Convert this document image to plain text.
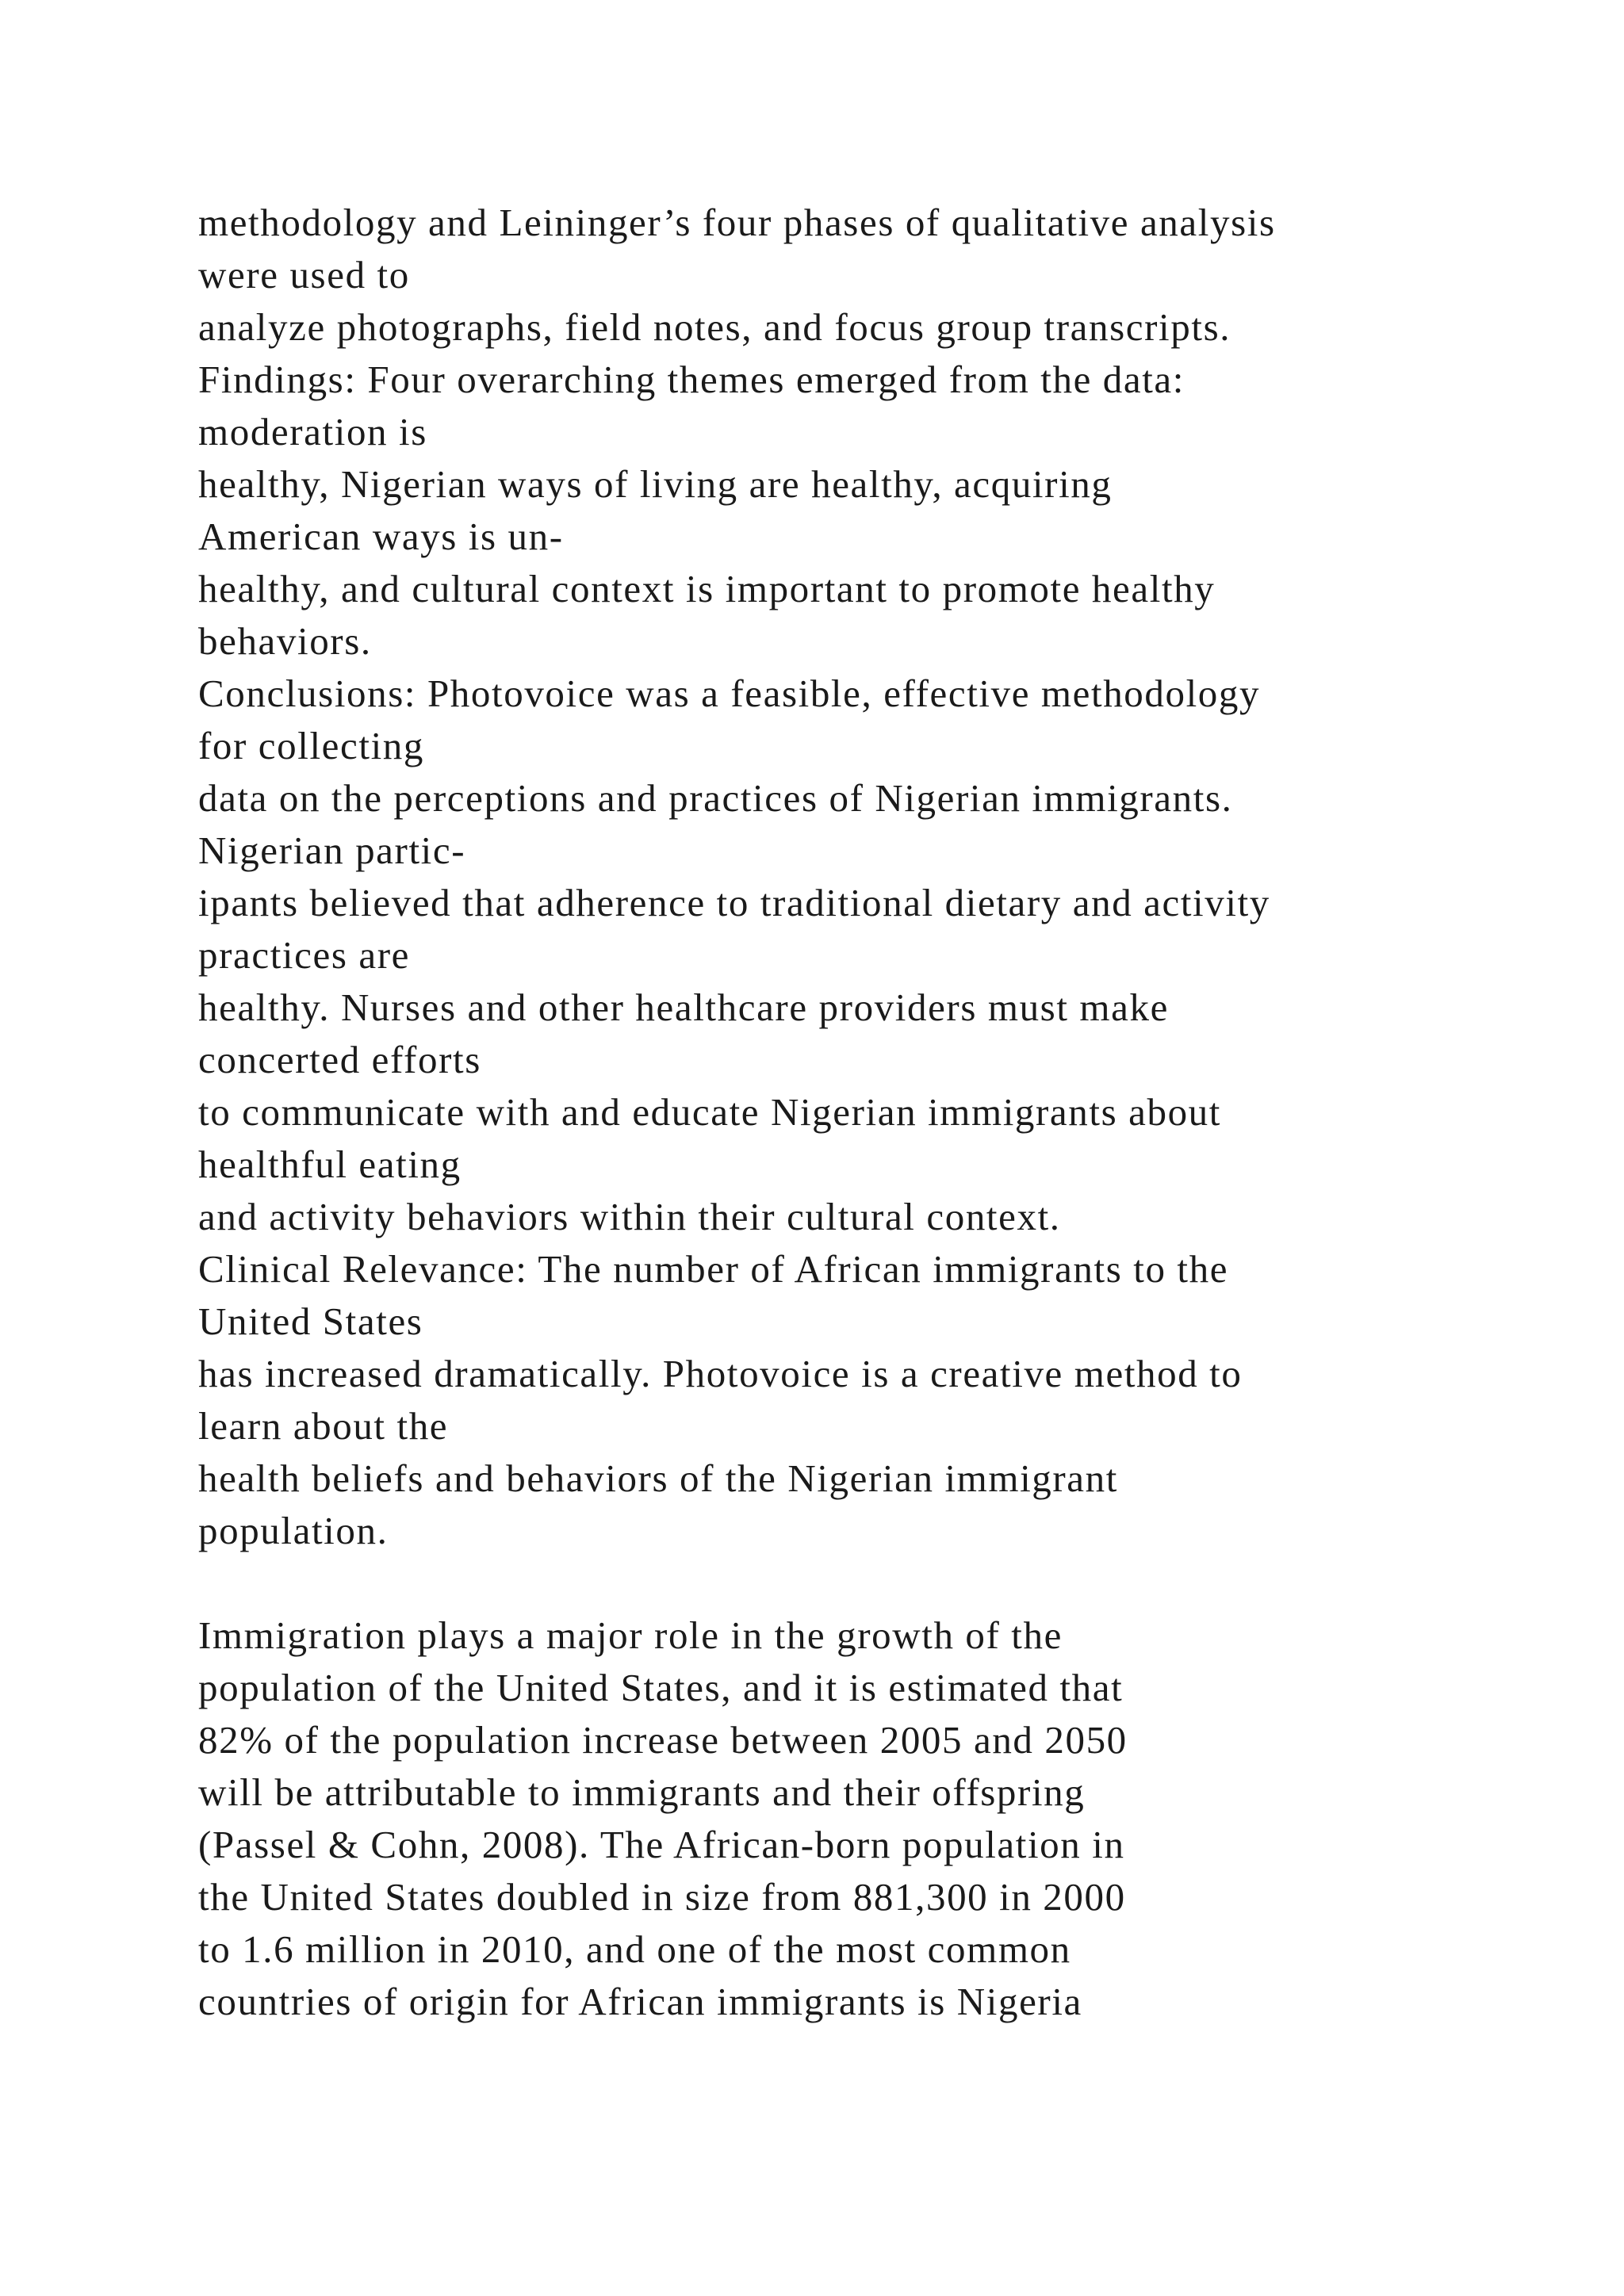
methodology and Leininger’s four phases of qualitative analysis
were used to
analyze photographs, field notes, and focus group transcripts.
Findings: Four overarching themes emerged from the data:
moderation is
healthy, Nigerian ways of living are healthy, acquiring
American ways is un-
healthy, and cultural context is important to promote healthy
behaviors.
Conclusions: Photovoice was a feasible, effective methodology
for collecting
data on the perceptions and practices of Nigerian immigrants.
Nigerian partic-
ipants believed that adherence to traditional dietary and activity
practices are
healthy. Nurses and other healthcare providers must make
concerted efforts
to communicate with and educate Nigerian immigrants about
healthful eating
and activity behaviors within their cultural context.
Clinical Relevance: The number of African immigrants to the
United States
has increased dramatically. Photovoice is a creative method to
learn about the
health beliefs and behaviors of the Nigerian immigrant
population.
Immigration plays a major role in the growth of the
population of the United States, and it is estimated that
82% of the population increase between 2005 and 2050
will be attributable to immigrants and their offspring
(Passel & Cohn, 2008). The African-born population in
the United States doubled in size from 881,300 in 2000
to 1.6 million in 2010, and one of the most common
countries of origin for African immigrants is Nigeria
